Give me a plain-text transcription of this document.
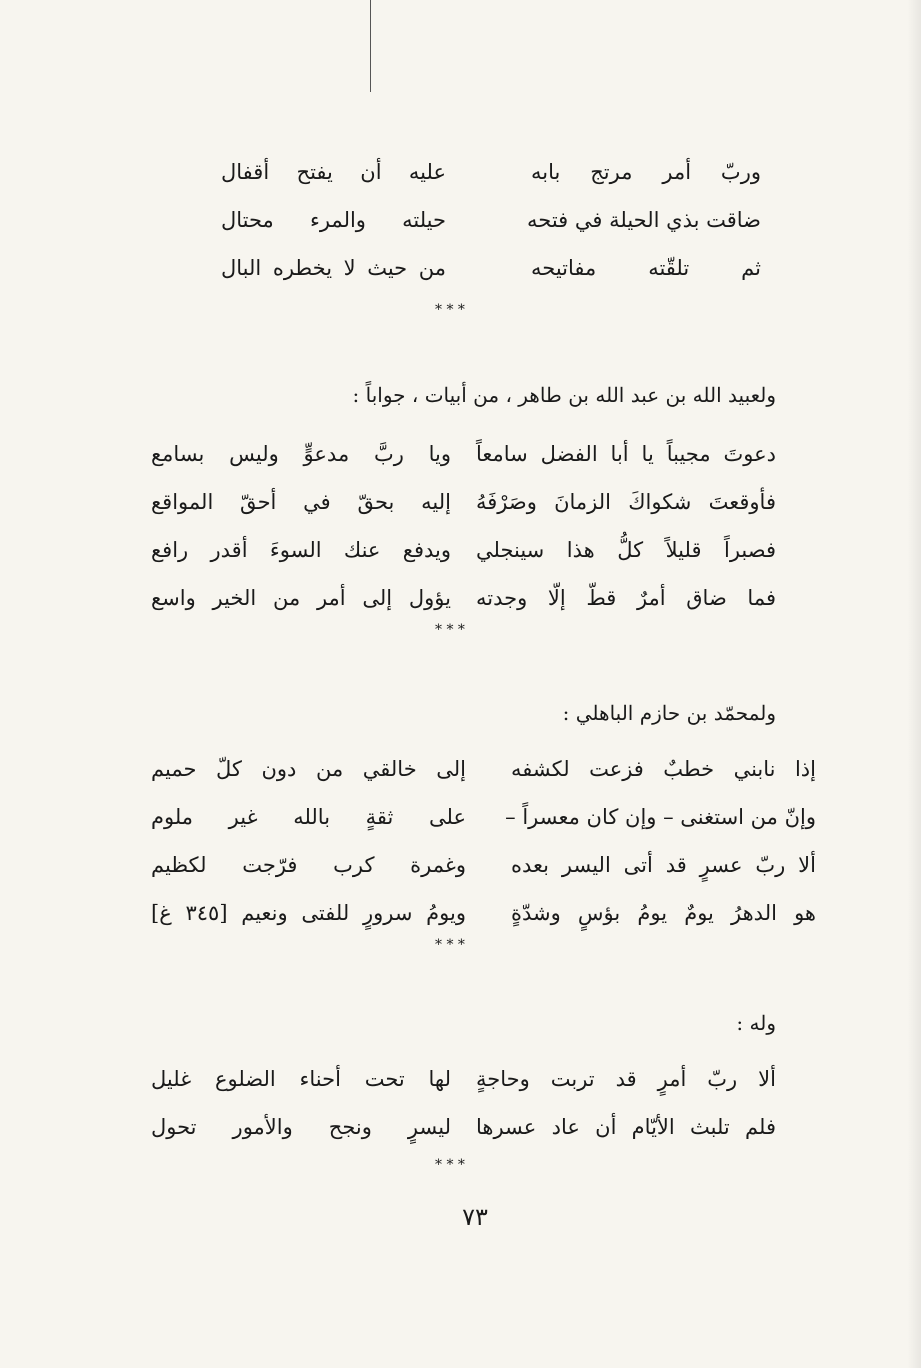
وربّ أمر مرتج بابه
عليه أن يفتح أقفال
ضاقت بذي الحيلة في فتحه
حيلته والمرء محتال
ثم تلقّته مفاتيحه
من حيث لا يخطره البال
* * *
ولعبيد الله بن عبد الله بن طاهر ، من أبيات ، جواباً :
دعوتَ مجيباً يا أبا الفضل سامعاً
ويا ربَّ مدعوٍّ وليس بسامع
فأوقعتَ شكواكَ الزمانَ وصَرْفَهُ
إليه بحقّ في أحقّ المواقع
فصبراً قليلاً كلُّ هذا سينجلي
ويدفع عنك السوءَ أقدر رافع
فما ضاق أمرٌ قطّ إلّا وجدته
يؤول إلى أمر من الخير واسع
* * *
ولمحمّد بن حازم الباهلي :
إذا نابني خطبٌ فزعت لكشفه
إلى خالقي من دون كلّ حميم
وإنّ من استغنى – وإن كان معسراً –
على ثقةٍ بالله غير ملوم
ألا ربّ عسرٍ قد أتى اليسر بعده
وغمرة كرب فرّجت لكظيم
هو الدهرُ يومٌ يومُ بؤسٍ وشدّةٍ
ويومُ سرورٍ للفتى ونعيم [٣٤٥ غ]
* * *
وله :
ألا ربّ أمرٍ قد تربت وحاجةٍ
لها تحت أحناء الضلوع غليل
فلم تلبث الأيّام أن عاد عسرها
ليسرٍ ونجح والأمور تحول
* * *
٧٣
